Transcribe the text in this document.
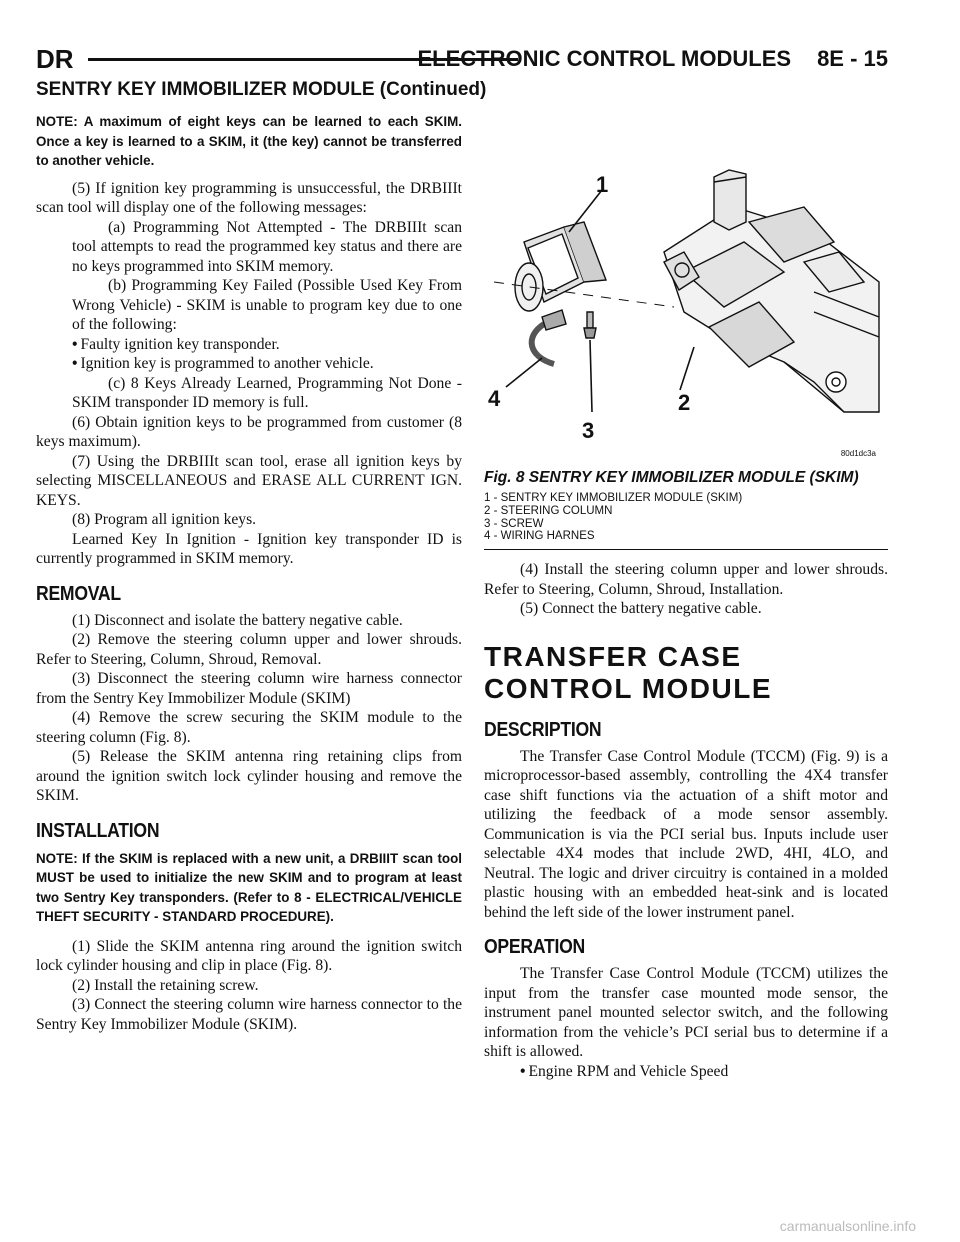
DR	ELECTRONIC CONTROL MODULES 8E - 15
SENTRY KEY IMMOBILIZER MODULE (Continued)

NOTE: A maximum of eight keys can be learned to each SKIM. Once a key is learned to a SKIM, it (the key) cannot be transferred to another vehicle.

(5) If ignition key programming is unsuccessful, the DRBIIIt scan tool will display one of the following messages:

(a) Programming Not Attempted - The DRBIIIt scan tool attempts to read the programmed key status and there are no keys programmed into SKIM memory.

(b) Programming Key Failed (Possible Used Key From Wrong Vehicle) - SKIM is unable to program key due to one of the following:

• Faulty ignition key transponder.

• Ignition key is programmed to another vehicle.

(c) 8 Keys Already Learned, Programming Not Done - SKIM transponder ID memory is full.

(6) Obtain ignition keys to be programmed from customer (8 keys maximum).

(7) Using the DRBIIIt scan tool, erase all ignition keys by selecting MISCELLANEOUS and ERASE ALL CURRENT IGN. KEYS.

(8) Program all ignition keys.

Learned Key In Ignition - Ignition key transponder ID is currently programmed in SKIM memory.

REMOVAL

(1) Disconnect and isolate the battery negative cable.

(2) Remove the steering column upper and lower shrouds. Refer to Steering, Column, Shroud, Removal.

(3) Disconnect the steering column wire harness connector from the Sentry Key Immobilizer Module (SKIM)

(4) Remove the screw securing the SKIM module to the steering column (Fig. 8).

(5) Release the SKIM antenna ring retaining clips from around the ignition switch lock cylinder housing and remove the SKIM.

INSTALLATION

NOTE: If the SKIM is replaced with a new unit, a DRBIIIT scan tool MUST be used to initialize the new SKIM and to program at least two Sentry Key transponders. (Refer to 8 - ELECTRICAL/VEHICLE THEFT SECURITY - STANDARD PROCEDURE).

(1) Slide the SKIM antenna ring around the ignition switch lock cylinder housing and clip in place (Fig. 8).

(2) Install the retaining screw.

(3) Connect the steering column wire harness connector to the Sentry Key Immobilizer Module (SKIM).

1
2
3
4
80d1dc3a
Fig. 8 SENTRY KEY IMMOBILIZER MODULE (SKIM)
1 - SENTRY KEY IMMOBILIZER MODULE (SKIM)
2 - STEERING COLUMN
3 - SCREW
4 - WIRING HARNES

(4) Install the steering column upper and lower shrouds. Refer to Steering, Column, Shroud, Installation.

(5) Connect the battery negative cable.

TRANSFER CASE CONTROL MODULE
DESCRIPTION

The Transfer Case Control Module (TCCM) (Fig. 9) is a microprocessor-based assembly, controlling the 4X4 transfer case shift functions via the actuation of a shift motor and utilizing the feedback of a mode sensor assembly. Communication is via the PCI serial bus. Inputs include user selectable 4X4 modes that include 2WD, 4HI, 4LO, and Neutral. The logic and driver circuitry is contained in a molded plastic housing with an embedded heat-sink and is located behind the left side of the lower instrument panel.

OPERATION

The Transfer Case Control Module (TCCM) utilizes the input from the transfer case mounted mode sensor, the instrument panel mounted selector switch, and the following information from the vehicle’s PCI serial bus to determine if a shift is allowed.

• Engine RPM and Vehicle Speed

carmanualsonline.info
